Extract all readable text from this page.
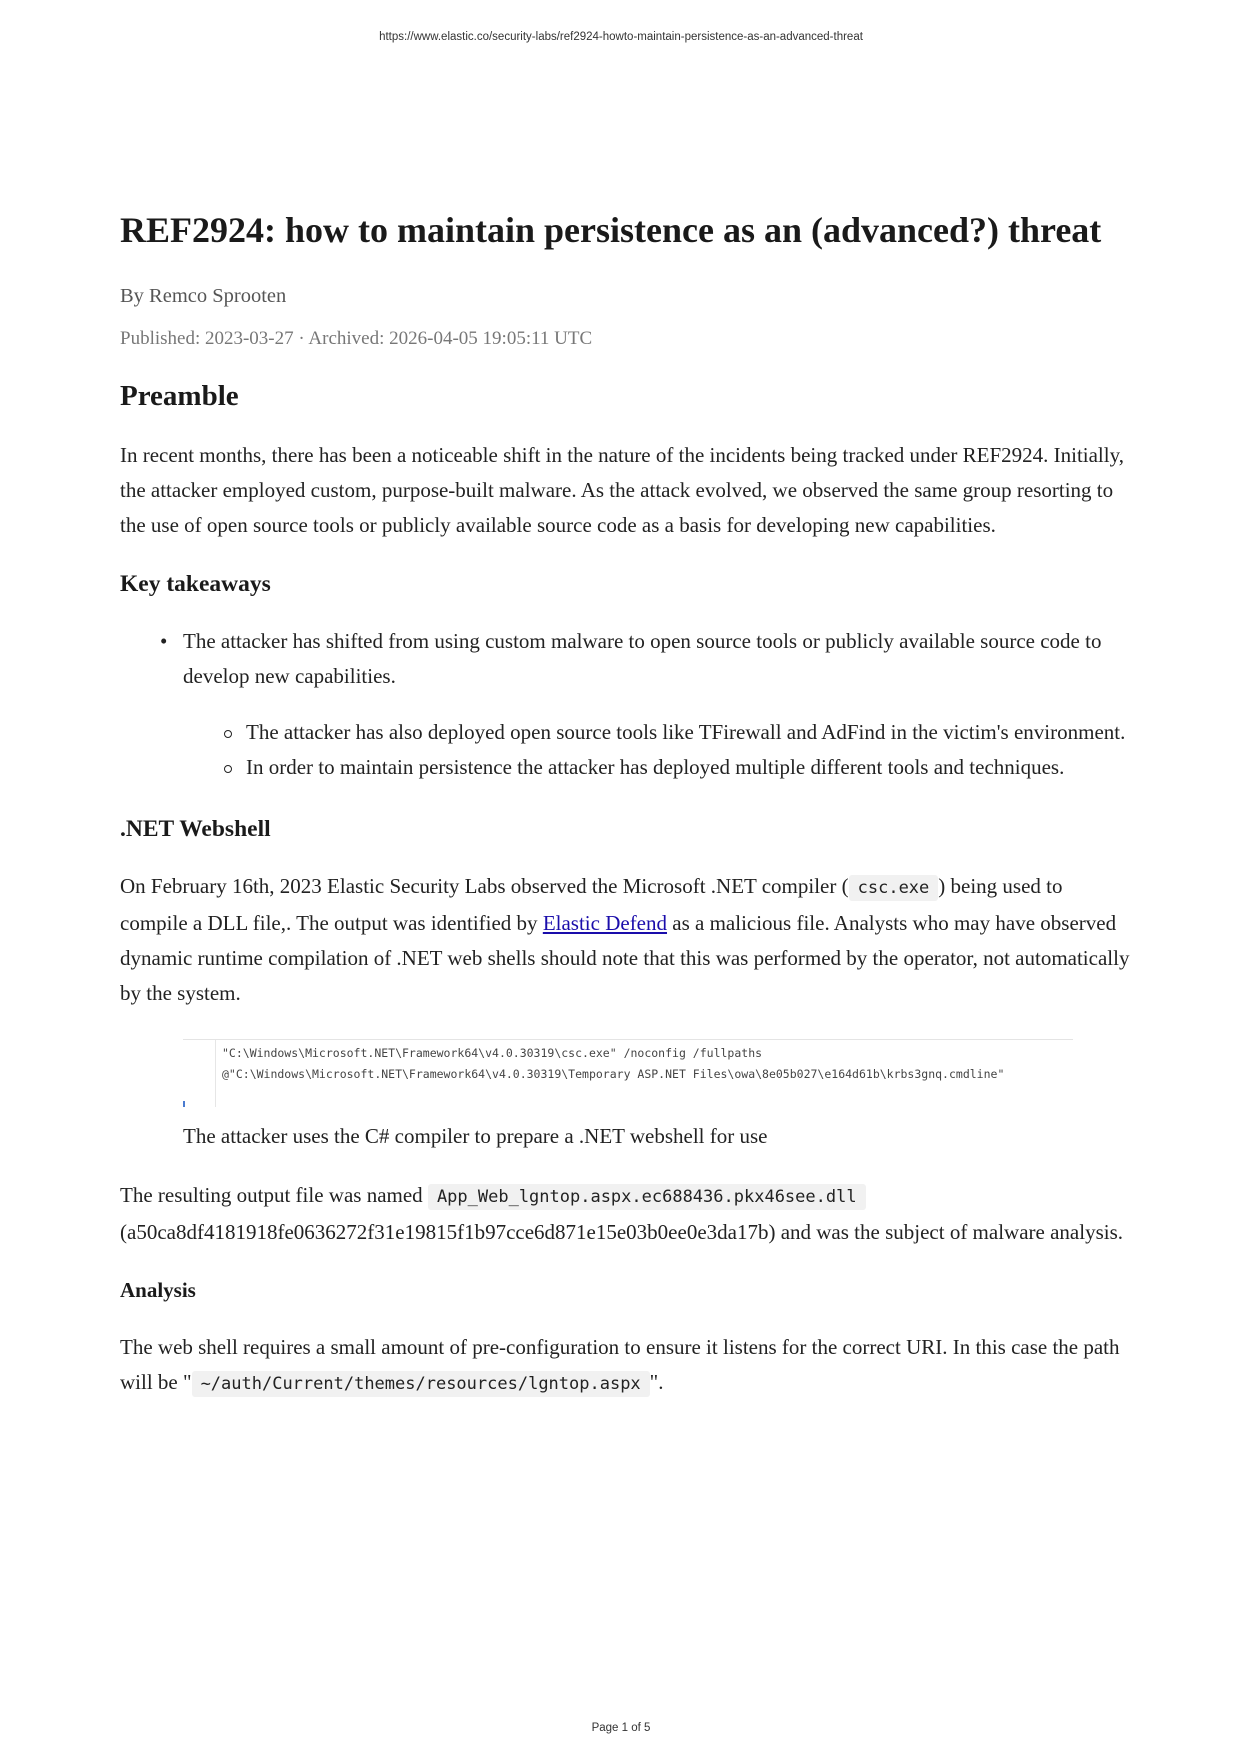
https://www.elastic.co/security-labs/ref2924-howto-maintain-persistence-as-an-advanced-threat
REF2924: how to maintain persistence as an (advanced?) threat
By Remco Sprooten
Published: 2023-03-27 · Archived: 2026-04-05 19:05:11 UTC
Preamble

In recent months, there has been a noticeable shift in the nature of the incidents being tracked under REF2924. Initially, the attacker employed custom, purpose-built malware. As the attack evolved, we observed the same group resorting to the use of open source tools or publicly available source code as a basis for developing new capabilities.

Key takeaways
• The attacker has shifted from using custom malware to open source tools or publicly available source code to develop new capabilities.
The attacker has also deployed open source tools like TFirewall and AdFind in the victim's environment.
In order to maintain persistence the attacker has deployed multiple different tools and techniques.
.NET Webshell

On February 16th, 2023 Elastic Security Labs observed the Microsoft .NET compiler ( csc.exe ) being used to compile a DLL file,. The output was identified by Elastic Defend as a malicious file. Analysts who may have observed dynamic runtime compilation of .NET web shells should note that this was performed by the operator, not automatically by the system.

"C:\Windows\Microsoft.NET\Framework64\v4.0.30319\csc.exe" /noconfig /fullpaths
@"C:\Windows\Microsoft.NET\Framework64\v4.0.30319\Temporary ASP.NET Files\owa\8e05b027\e164d61b\krbs3gnq.cmdline"
The attacker uses the C# compiler to prepare a .NET webshell for use

The resulting output file was named App_Web_lgntop.aspx.ec688436.pkx46see.dll (a50ca8df4181918fe0636272f31e19815f1b97cce6d871e15e03b0ee0e3da17b) and was the subject of malware analysis.

Analysis

The web shell requires a small amount of pre-configuration to ensure it listens for the correct URI. In this case the path will be " ~/auth/Current/themes/resources/lgntop.aspx ".

Page 1 of 5
